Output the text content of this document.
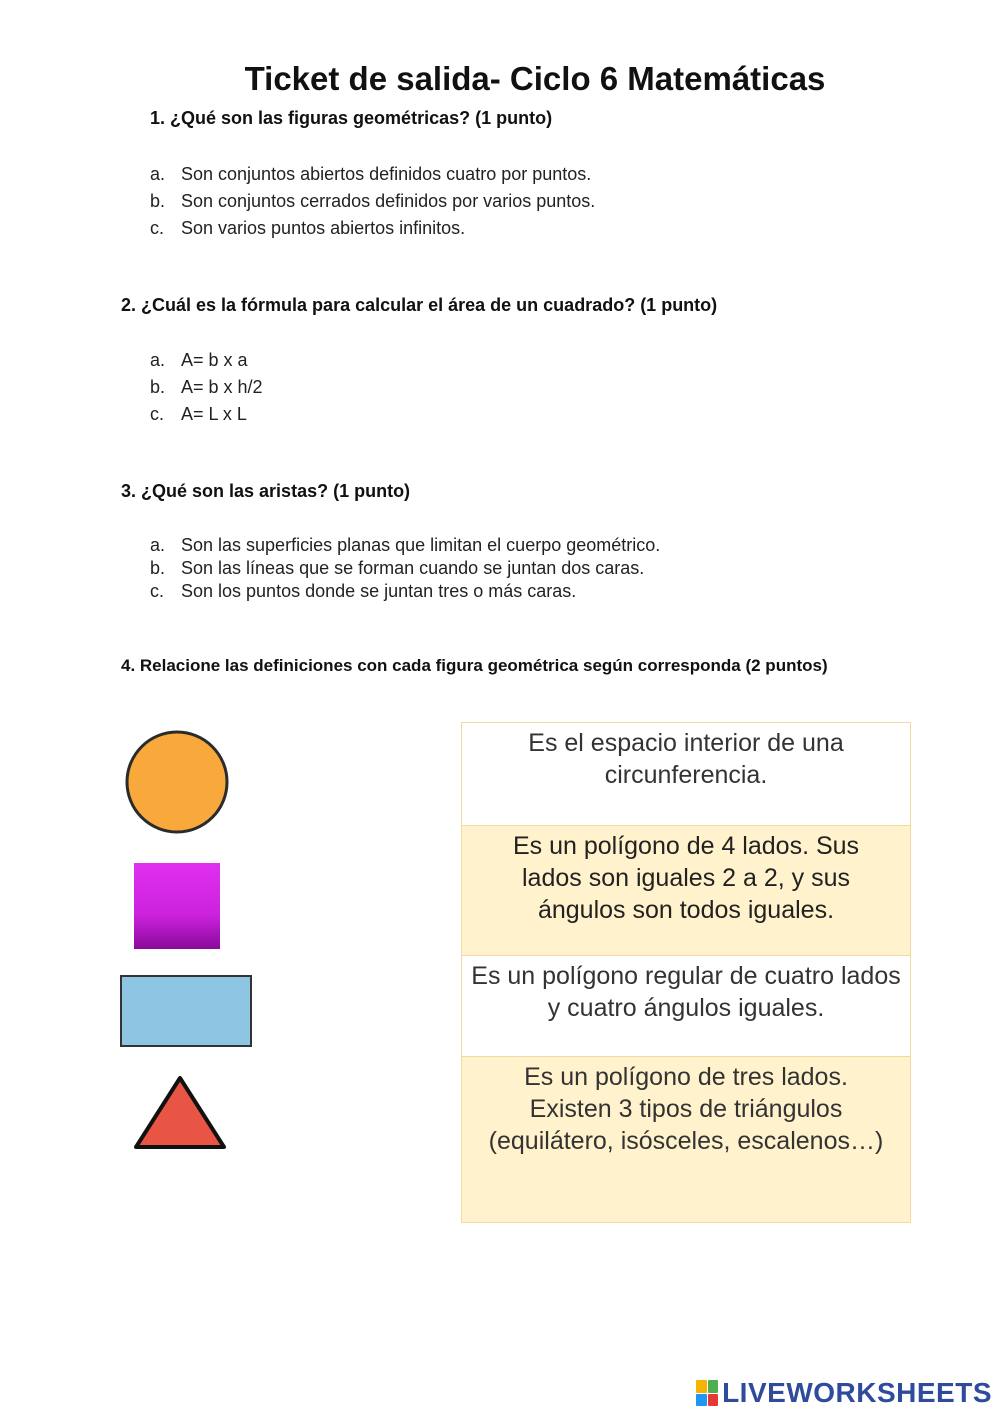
Ticket de salida- Ciclo 6 Matemáticas
1. ¿Qué son las figuras geométricas? (1 punto)
a. Son conjuntos abiertos definidos cuatro por puntos.
b. Son conjuntos cerrados definidos por varios puntos.
c. Son varios puntos abiertos infinitos.
2. ¿Cuál es la fórmula para calcular el área de un cuadrado? (1 punto)
a. A= b x a
b. A= b x h/2
c. A= L x L
3. ¿Qué son las aristas? (1 punto)
a. Son las superficies planas que limitan el cuerpo geométrico.
b. Son las líneas que se forman cuando se juntan dos caras.
c. Son los puntos donde se juntan tres o más caras.
4. Relacione las definiciones con cada figura geométrica según corresponda (2 puntos)
Es el espacio interior de una circunferencia.
Es un polígono de 4 lados. Sus lados son iguales 2 a 2, y sus ángulos son todos iguales.
Es un polígono regular de cuatro lados y cuatro ángulos iguales.
Es un polígono de tres lados. Existen 3 tipos de triángulos (equilátero, isósceles, escalenos…)
LIVEWORKSHEETS
